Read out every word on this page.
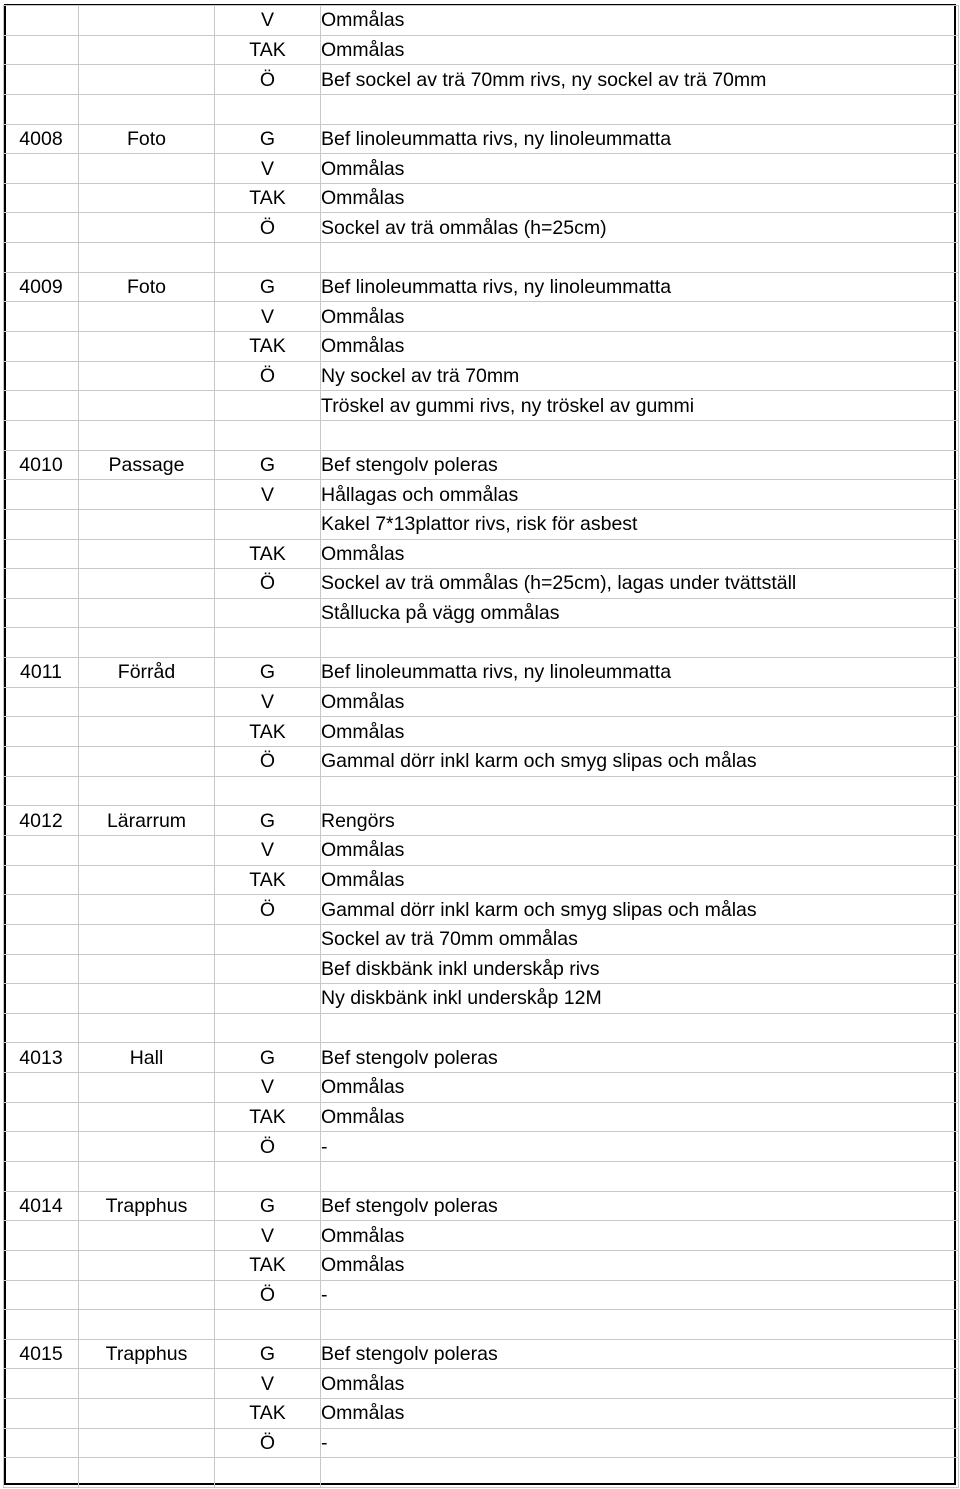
		V	Ommålas
		TAK	Ommålas
		Ö	Bef sockel av trä 70mm rivs, ny sockel av trä 70mm

4008	Foto	G	Bef linoleummatta rivs, ny linoleummatta
		V	Ommålas
		TAK	Ommålas
		Ö	Sockel av trä ommålas (h=25cm)

4009	Foto	G	Bef linoleummatta rivs, ny linoleummatta
		V	Ommålas
		TAK	Ommålas
		Ö	Ny sockel av trä 70mm
			Tröskel av gummi rivs, ny tröskel av gummi

4010	Passage	G	Bef stengolv poleras
		V	Hållagas och ommålas
			Kakel 7*13plattor rivs, risk för asbest
		TAK	Ommålas
		Ö	Sockel av trä ommålas (h=25cm), lagas under tvättställ
			Stållucka på vägg ommålas

4011	Förråd	G	Bef linoleummatta rivs, ny linoleummatta
		V	Ommålas
		TAK	Ommålas
		Ö	Gammal dörr inkl karm och smyg slipas och målas

4012	Lärarrum	G	Rengörs
		V	Ommålas
		TAK	Ommålas
		Ö	Gammal dörr inkl karm och smyg slipas och målas
			Sockel av trä 70mm ommålas
			Bef diskbänk inkl underskåp rivs
			Ny diskbänk inkl underskåp 12M

4013	Hall	G	Bef stengolv poleras
		V	Ommålas
		TAK	Ommålas
		Ö	-

4014	Trapphus	G	Bef stengolv poleras
		V	Ommålas
		TAK	Ommålas
		Ö	-

4015	Trapphus	G	Bef stengolv poleras
		V	Ommålas
		TAK	Ommålas
		Ö	-
